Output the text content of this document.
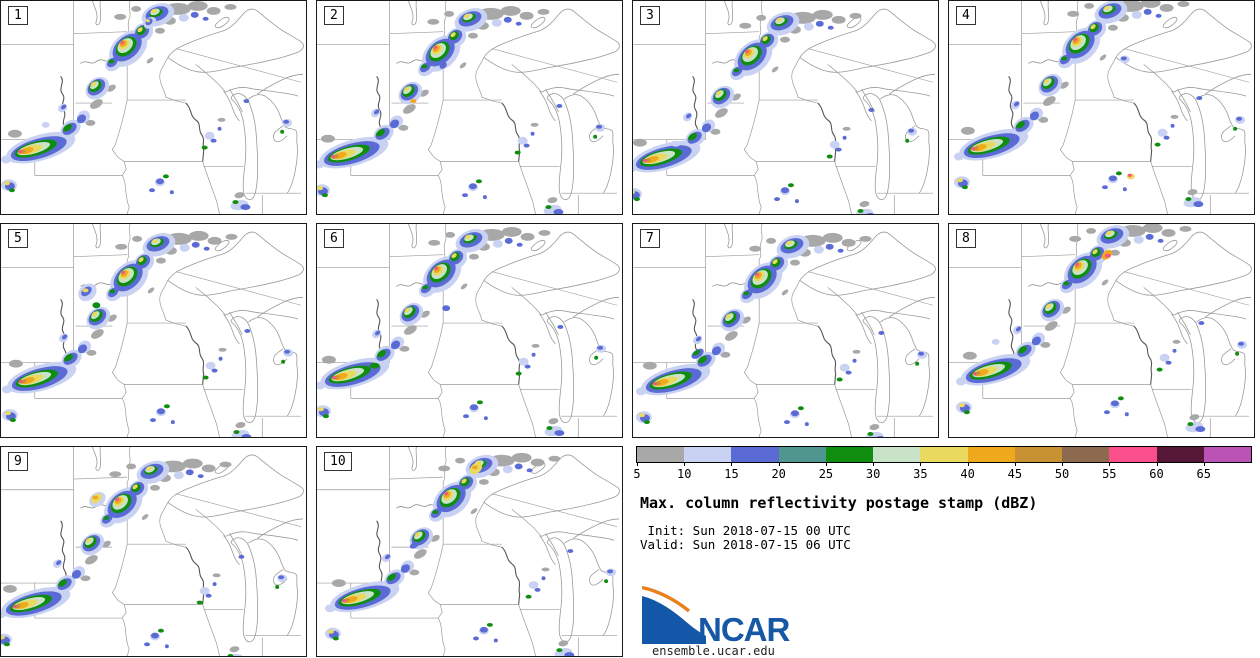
1	2	3	4
5	6	7	8
9	10
5	10	15	20	25	30	35	40	45	50	55	60	65
Max. column reflectivity postage stamp (dBZ)
Init: Sun 2018-07-15 00 UTC
Valid: Sun 2018-07-15 06 UTC
NCAR
ensemble.ucar.edu
